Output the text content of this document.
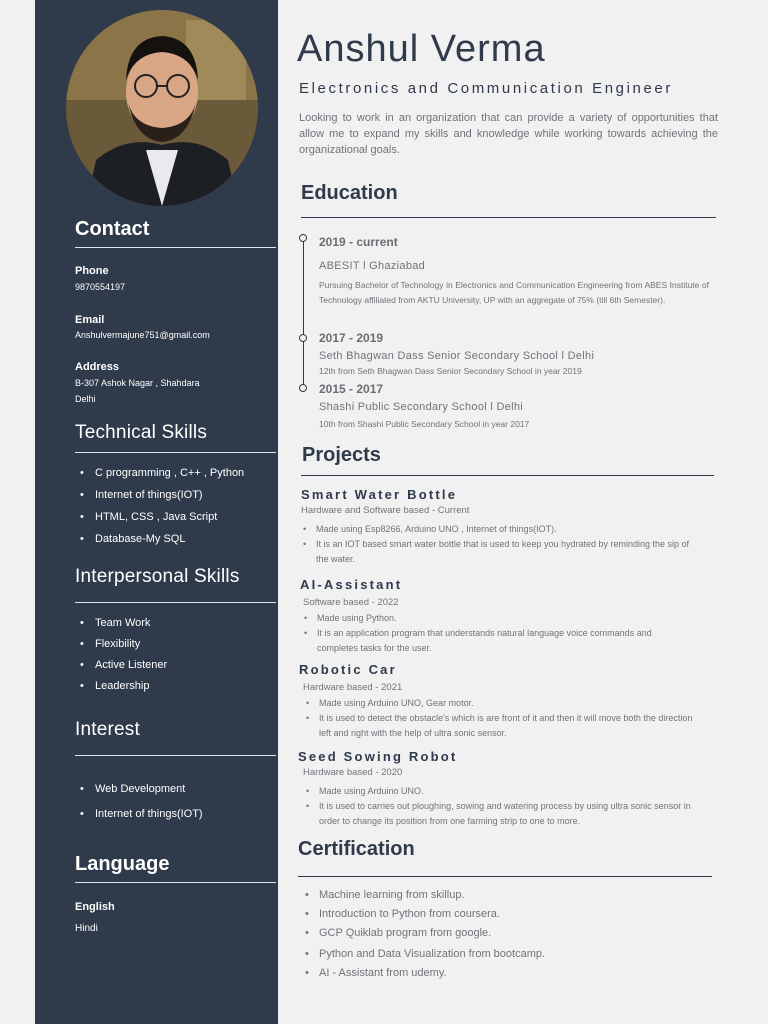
Contact
Phone
9870554197
Email
Anshulvermajune751@gmail.com
Address
B-307 Ashok Nagar , Shahdara
Delhi
Technical Skills
• C programming , C++ , Python
• Internet of things(IOT)
• HTML, CSS , Java Script
• Database-My SQL
Interpersonal Skills
• Team Work
• Flexibility
• Active Listener
• Leadership
Interest
• Web Development
• Internet of things(IOT)
Language
English
Hindi
Anshul Verma
Electronics and Communication Engineer
Looking to work in an organization that can provide a variety of opportunities that allow me to expand my skills and knowledge while working towards achieving the organizational goals.
Education
2019 - current
ABESIT l Ghaziabad
Pursuing Bachelor of Technology in Electronics and Communication Engineering from ABES Institute of Technology affiliated from AKTU University, UP with an aggregate of 75% (till 6th Semester).
2017 - 2019
Seth Bhagwan Dass Senior Secondary School l Delhi
12th from Seth Bhagwan Dass Senior Secondary School in year 2019
2015 - 2017
Shashi Public Secondary School l Delhi
10th from Shashi Public Secondary School in year 2017
Projects
Smart Water Bottle
Hardware and Software based - Current
• Made using Esp8266, Arduino UNO , Internet of things(IOT).
• It is an IOT based smart water bottle that is used to keep you hydrated by reminding the sip of the water.
AI-Assistant
Software based - 2022
• Made using Python.
• It is an application program that understands natural language voice commands and completes tasks for the user.
Robotic Car
Hardware based - 2021
• Made using Arduino UNO, Gear motor.
• It is used to detect the obstacle's which is are front of it and then it will move both the direction left and right with the help of ultra sonic sensor.
Seed Sowing Robot
Hardware based - 2020
• Made using Arduino UNO.
• It is used to carries out ploughing, sowing and watering process by using ultra sonic sensor in order to change its position from one farming strip to one to more.
Certification
• Machine learning from skillup.
• Introduction to Python from coursera.
• GCP Quiklab program from google.
• Python and Data Visualization from bootcamp.
• AI - Assistant from udemy.
